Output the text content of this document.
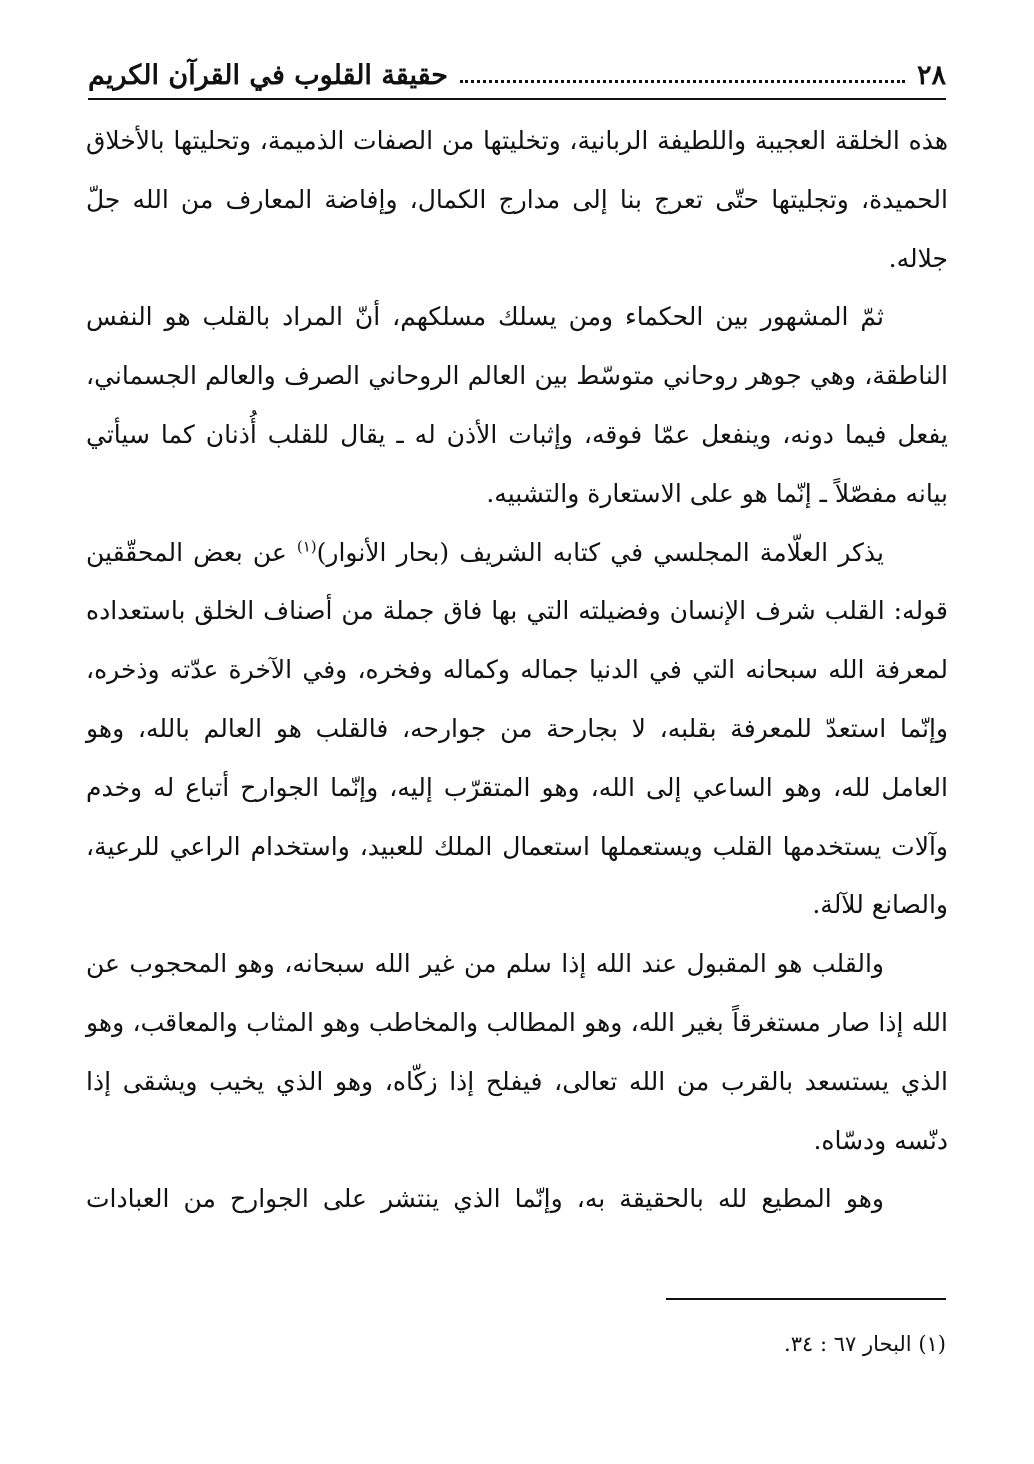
٢٨
حقيقة القلوب في القرآن الكريم

هذه الخلقة العجيبة واللطيفة الربانية، وتخليتها من الصفات الذميمة، وتحليتها بالأخلاق الحميدة، وتجليتها حتّى تعرج بنا إلى مدارج الكمال، وإفاضة المعارف من الله جلّ جلاله.

ثمّ المشهور بين الحكماء ومن يسلك مسلكهم، أنّ المراد بالقلب هو النفس الناطقة، وهي جوهر روحاني متوسّط بين العالم الروحاني الصرف والعالم الجسماني، يفعل فيما دونه، وينفعل عمّا فوقه، وإثبات الأذن له ـ يقال للقلب أُذنان كما سيأتي بيانه مفصّلاً ـ إنّما هو على الاستعارة والتشبيه.

يذكر العلّامة المجلسي في كتابه الشريف (بحار الأنوار)$^{(١)}$ عن بعض المحقّقين قوله: القلب شرف الإنسان وفضيلته التي بها فاق جملة من أصناف الخلق باستعداده لمعرفة الله سبحانه التي في الدنيا جماله وكماله وفخره، وفي الآخرة عدّته وذخره، وإنّما استعدّ للمعرفة بقلبه، لا بجارحة من جوارحه، فالقلب هو العالم بالله، وهو العامل لله، وهو الساعي إلى الله، وهو المتقرّب إليه، وإنّما الجوارح أتباع له وخدم وآلات يستخدمها القلب ويستعملها استعمال الملك للعبيد، واستخدام الراعي للرعية، والصانع للآلة.

والقلب هو المقبول عند الله إذا سلم من غير الله سبحانه، وهو المحجوب عن الله إذا صار مستغرقاً بغير الله، وهو المطالب والمخاطب وهو المثاب والمعاقب، وهو الذي يستسعد بالقرب من الله تعالى، فيفلح إذا زكّاه، وهو الذي يخيب ويشقى إذا دنّسه ودسّاه.

وهو المطيع لله بالحقيقة به، وإنّما الذي ينتشر على الجوارح من العبادات

(١) البحار ٦٧ : ٣٤.
